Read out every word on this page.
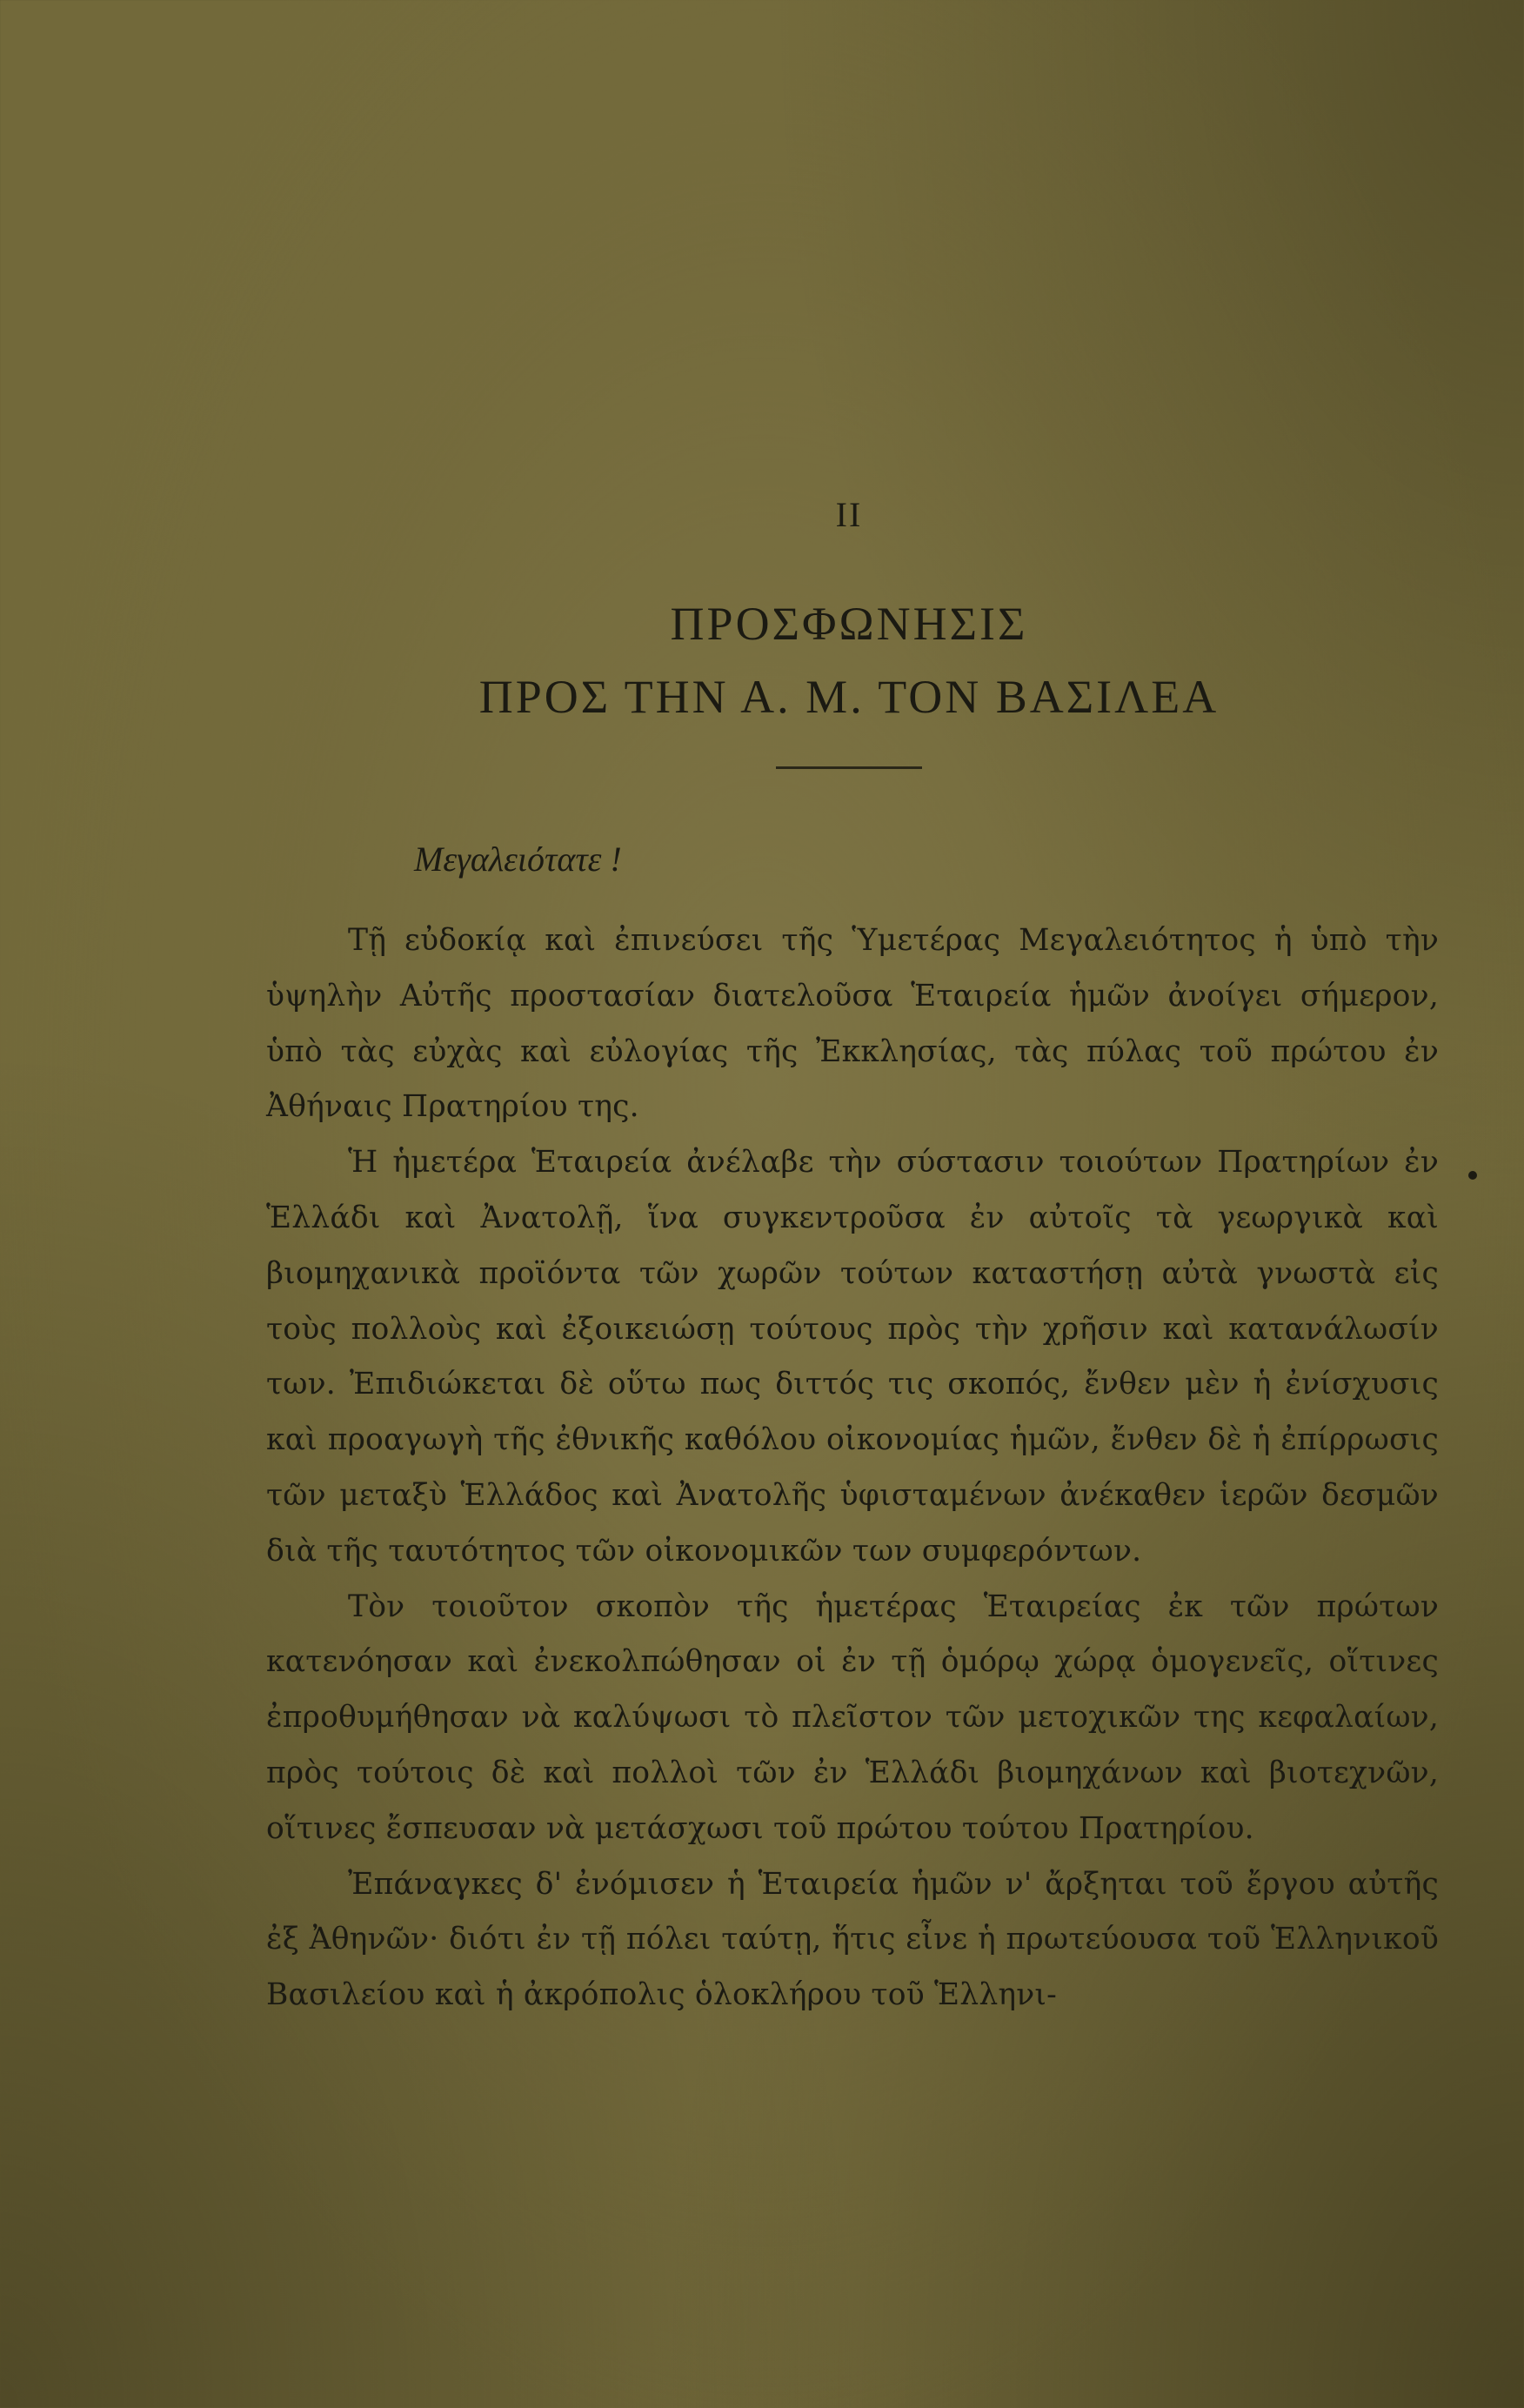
II
ΠΡΟΣΦΩΝΗΣΙΣ
ΠΡΟΣ ΤΗΝ Α. Μ. ΤΟΝ ΒΑΣΙΛΕΑ
Μεγαλειότατε !

Τῇ εὐδοκίᾳ καὶ ἐπινεύσει τῆς Ὑμετέρας Μεγαλειότητος ἡ ὑπὸ τὴν ὑψηλὴν Αὐτῆς προστασίαν διατελοῦσα Ἑταιρεία ἡμῶν ἀνοίγει σήμερον, ὑπὸ τὰς εὐχὰς καὶ εὐλογίας τῆς Ἐκκλησίας, τὰς πύλας τοῦ πρώτου ἐν Ἀθήναις Πρατηρίου της.

Ἡ ἡμετέρα Ἑταιρεία ἀνέλαβε τὴν σύστασιν τοιούτων Πρατηρίων ἐν Ἑλλάδι καὶ Ἀνατολῇ, ἵνα συγκεντροῦσα ἐν αὐτοῖς τὰ γεωργικὰ καὶ βιομηχανικὰ προϊόντα τῶν χωρῶν τούτων καταστήσῃ αὐτὰ γνωστὰ εἰς τοὺς πολλοὺς καὶ ἐξοικειώσῃ τούτους πρὸς τὴν χρῆσιν καὶ κατανάλωσίν των. Ἐπιδιώκεται δὲ οὕτω πως διττός τις σκοπός, ἔνθεν μὲν ἡ ἐνίσχυσις καὶ προαγωγὴ τῆς ἐθνικῆς καθόλου οἰκονομίας ἡμῶν, ἔνθεν δὲ ἡ ἐπίρρωσις τῶν μεταξὺ Ἑλλάδος καὶ Ἀνατολῆς ὑφισταμένων ἀνέκαθεν ἱερῶν δεσμῶν διὰ τῆς ταυτότητος τῶν οἰκονομικῶν των συμφερόντων.

Τὸν τοιοῦτον σκοπὸν τῆς ἡμετέρας Ἑταιρείας ἐκ τῶν πρώτων κατενόησαν καὶ ἐνεκολπώθησαν οἱ ἐν τῇ ὁμόρῳ χώρᾳ ὁμογενεῖς, οἵτινες ἐπροθυμήθησαν νὰ καλύψωσι τὸ πλεῖστον τῶν μετοχικῶν της κεφαλαίων, πρὸς τούτοις δὲ καὶ πολλοὶ τῶν ἐν Ἑλλάδι βιομηχάνων καὶ βιοτεχνῶν, οἵτινες ἔσπευσαν νὰ μετάσχωσι τοῦ πρώτου τούτου Πρατηρίου.

Ἐπάναγκες δ' ἐνόμισεν ἡ Ἑταιρεία ἡμῶν ν' ἄρξηται τοῦ ἔργου αὐτῆς ἐξ Ἀθηνῶν· διότι ἐν τῇ πόλει ταύτῃ, ἥτις εἶνε ἡ πρωτεύουσα τοῦ Ἑλληνικοῦ Βασιλείου καὶ ἡ ἀκρόπολις ὁλοκλήρου τοῦ Ἑλληνι-
